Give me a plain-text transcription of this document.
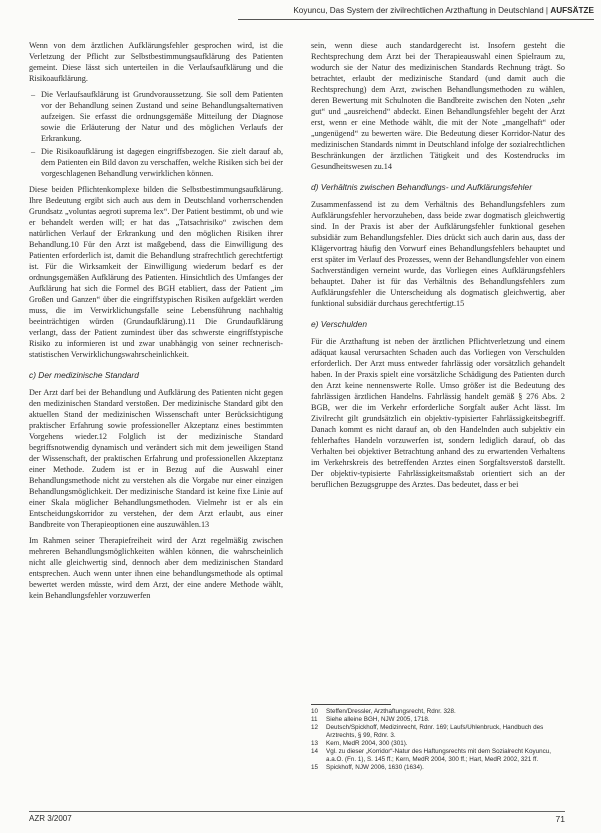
Koyuncu, Das System der zivilrechtlichen Arzthaftung in Deutschland | AUFSÄTZE

Wenn von dem ärztlichen Aufklärungsfehler gesprochen wird, ist die Verletzung der Pflicht zur Selbstbestimmungsaufklärung des Patienten gemeint. Diese lässt sich unterteilen in die Verlaufsaufklärung und die Risikoaufklärung.

– Die Verlaufsaufklärung ist Grundvoraussetzung. Sie soll dem Patienten vor der Behandlung seinen Zustand und seine Behandlungsalternativen aufzeigen. Sie erfasst die ordnungsgemäße Mitteilung der Diagnose sowie die Erläuterung der Natur und des möglichen Verlaufs der Erkrankung.
– Die Risikoaufklärung ist dagegen eingriffsbezogen. Sie zielt darauf ab, dem Patienten ein Bild davon zu verschaffen, welche Risiken sich bei der vorgeschlagenen Behandlung verwirklichen können.

Diese beiden Pflichtenkomplexe bilden die Selbstbestimmungsaufklärung. Ihre Bedeutung ergibt sich auch aus dem in Deutschland vorherrschenden Grundsatz „voluntas aegroti suprema lex“. Der Patient bestimmt, ob und wie er behandelt werden will; er hat das „Tatsachrisiko“ zwischen dem natürlichen Verlauf der Erkrankung und den möglichen Risiken ihrer Behandlung.10 Für den Arzt ist maßgebend, dass die Einwilligung des Patienten erforderlich ist, damit die Behandlung strafrechtlich gerechtfertigt ist. Für die Wirksamkeit der Einwilligung wiederum bedarf es der ordnungsgemäßen Aufklärung des Patienten. Hinsichtlich des Umfanges der Aufklärung hat sich die Formel des BGH etabliert, dass der Patient „im Großen und Ganzen“ über die eingriffstypischen Risiken aufgeklärt werden muss, die im Verwirklichungsfalle seine Lebensführung nachhaltig beeinträchtigen würden (Grundaufklärung).11 Die Grundaufklärung verlangt, dass der Patient zumindest über das schwerste eingriffstypische Risiko zu informieren ist und zwar unabhängig von seiner rechnerisch-statistischen Verwirklichungswahrscheinlichkeit.

c) Der medizinische Standard

Der Arzt darf bei der Behandlung und Aufklärung des Patienten nicht gegen den medizinischen Standard verstoßen. Der medizinische Standard gibt den aktuellen Stand der medizinischen Wissenschaft unter Berücksichtigung praktischer Erfahrung sowie professioneller Akzeptanz eines bestimmten Vorgehens wieder.12 Folglich ist der medizinische Standard begriffsnotwendig dynamisch und verändert sich mit dem jeweiligen Stand der Wissenschaft, der praktischen Erfahrung und professionellen Akzeptanz einer Methode. Zudem ist er in Bezug auf die Auswahl einer Behandlungsmethode nicht zu verstehen als die Vorgabe nur einer einzigen Behandlungsmöglichkeit. Der medizinische Standard ist keine fixe Linie auf einer Skala möglicher Behandlungsmethoden. Vielmehr ist er als ein Entscheidungskorridor zu verstehen, der dem Arzt erlaubt, aus einer Bandbreite von Therapieoptionen eine auszuwählen.13

Im Rahmen seiner Therapiefreiheit wird der Arzt regelmäßig zwischen mehreren Behandlungsmöglichkeiten wählen können, die wahrscheinlich nicht alle gleichwertig sind, dennoch aber dem medizinischen Standard entsprechen. Auch wenn unter ihnen eine behandlungsmethode als optimal bewertet werden müsste, wird dem Arzt, der eine andere Methode wählt, kein Behandlungsfehler vorzuwerfen

sein, wenn diese auch standardgerecht ist. Insofern gesteht die Rechtsprechung dem Arzt bei der Therapieauswahl einen Spielraum zu, wodurch sie der Natur des medizinischen Standards Rechnung trägt. So betrachtet, erlaubt der medizinische Standard (und damit auch die Rechtsprechung) dem Arzt, zwischen Behandlungsmethoden zu wählen, deren Bewertung mit Schulnoten die Bandbreite zwischen den Noten „sehr gut“ und „ausreichend“ abdeckt. Einen Behandlungsfehler begeht der Arzt erst, wenn er eine Methode wählt, die mit der Note „mangelhaft“ oder „ungenügend“ zu bewerten wäre. Die Bedeutung dieser Korridor-Natur des medizinischen Standards nimmt in Deutschland infolge der sozialrechtlichen Beschränkungen der ärztlichen Tätigkeit und des Kostendrucks im Gesundheitswesen zu.14

d) Verhältnis zwischen Behandlungs- und Aufklärungsfehler

Zusammenfassend ist zu dem Verhältnis des Behandlungsfehlers zum Aufklärungsfehler hervorzuheben, dass beide zwar dogmatisch gleichwertig sind. In der Praxis ist aber der Aufklärungsfehler funktional gesehen subsidiär zum Behandlungsfehler. Dies drückt sich auch darin aus, dass der Klägervortrag häufig den Vorwurf eines Behandlungsfehlers behauptet und erst später im Verlauf des Prozesses, wenn der Behandlungsfehler von einem Sachverständigen verneint wurde, das Vorliegen eines Aufklärungsfehlers behauptet. Daher ist für das Verhältnis des Behandlungsfehlers zum Aufklärungsfehler die Unterscheidung als dogmatisch gleichwertig, aber funktional subsidiär durchaus gerechtfertigt.15

e) Verschulden

Für die Arzthaftung ist neben der ärztlichen Pflichtverletzung und einem adäquat kausal verursachten Schaden auch das Vorliegen von Verschulden erforderlich. Der Arzt muss entweder fahrlässig oder vorsätzlich gehandelt haben. In der Praxis spielt eine vorsätzliche Schädigung des Patienten durch den Arzt keine nennenswerte Rolle. Umso größer ist die Bedeutung des fahrlässigen ärztlichen Handelns. Fahrlässig handelt gemäß § 276 Abs. 2 BGB, wer die im Verkehr erforderliche Sorgfalt außer Acht lässt. Im Zivilrecht gilt grundsätzlich ein objektiv-typisierter Fahrlässigkeitsbegriff. Danach kommt es nicht darauf an, ob den Handelnden auch subjektiv ein fehlerhaftes Handeln vorzuwerfen ist, sondern lediglich darauf, ob das Verhalten bei objektiver Betrachtung anhand des zu erwartenden Verhaltens im Verkehrskreis des betreffenden Arztes einen Sorgfaltsverstoß darstellt. Der objektiv-typisierte Fahrlässigkeitsmaßstab orientiert sich an der beruflichen Bezugsgruppe des Arztes. Das bedeutet, dass er bei

10 Steffen/Dressler, Arzthaftungsrecht, Rdnr. 328.
11 Siehe alleine BGH, NJW 2005, 1718.
12 Deutsch/Spickhoff, Medizinrecht, Rdnr. 169; Laufs/Uhlenbruck, Handbuch des Arztrechts, § 99, Rdnr. 3.
13 Kern, MedR 2004, 300 (301).
14 Vgl. zu dieser „Korridor“-Natur des Haftungsrechts mit dem Sozialrecht Koyuncu, a.a.O. (Fn. 1), S. 145 ff.; Kern, MedR 2004, 300 ff.; Hart, MedR 2002, 321 ff.
15 Spickhoff, NJW 2006, 1630 (1634).
AZR 3/2007	71
